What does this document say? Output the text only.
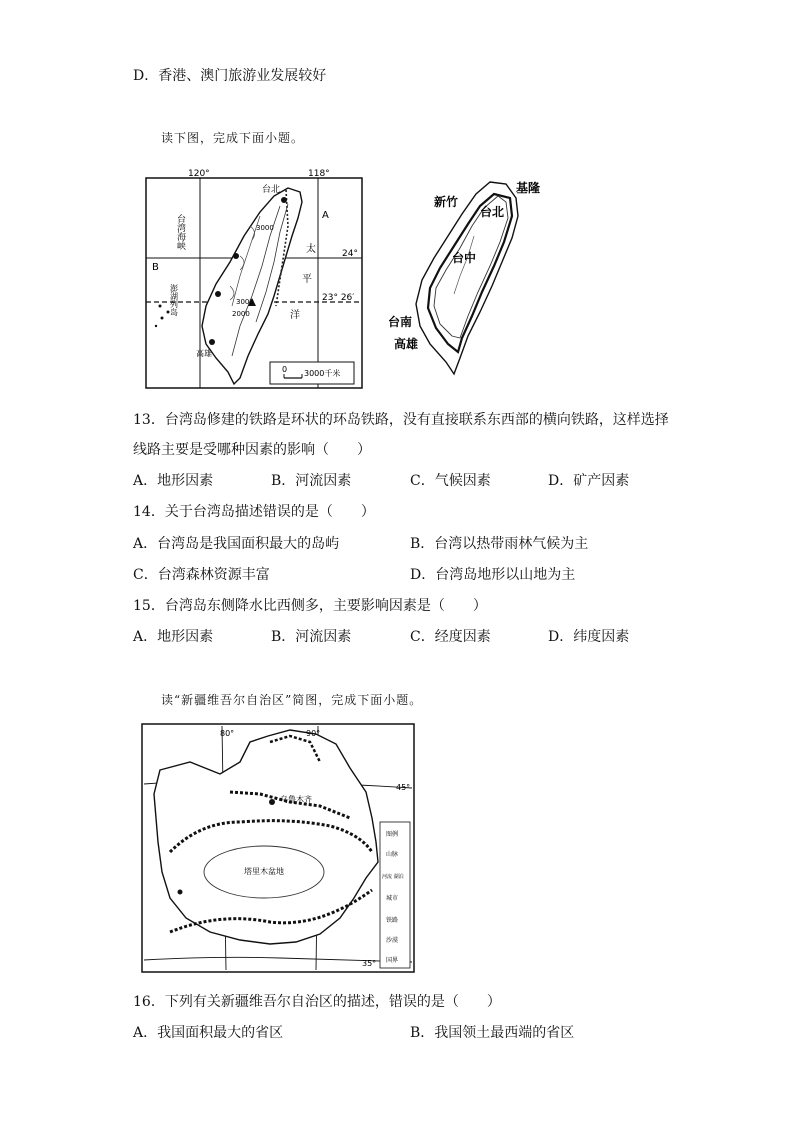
D．香港、澳门旅游业发展较好
读下图，完成下面小题。
120°	118°
24°
23° 26′
A
B
台北
高雄
台湾海峡
澎湖列岛
太
平
洋
3000
3000
2000
0 3000千米
基隆
新竹
台北
台中
台南
高雄
13．台湾岛修建的铁路是环状的环岛铁路，没有直接联系东西部的横向铁路，这样选择
线路主要是受哪种因素的影响（　　）
A．地形因素	B．河流因素	C．气候因素	D．矿产因素
14．关于台湾岛描述错误的是（　　）
A．台湾岛是我国面积最大的岛屿	B．台湾以热带雨林气候为主
C．台湾森林资源丰富	D．台湾岛地形以山地为主
15．台湾岛东侧降水比西侧多，主要影响因素是（　　）
A．地形因素	B．河流因素	C．经度因素	D．纬度因素
读“新疆维吾尔自治区”简图，完成下面小题。
80°	90°
45°
35°
乌鲁木齐
塔里木盆地
图例
山脉
河流 湖泊
城市
铁路
沙漠
国界
16．下列有关新疆维吾尔自治区的描述，错误的是（　　）
A．我国面积最大的省区	B．我国领土最西端的省区
